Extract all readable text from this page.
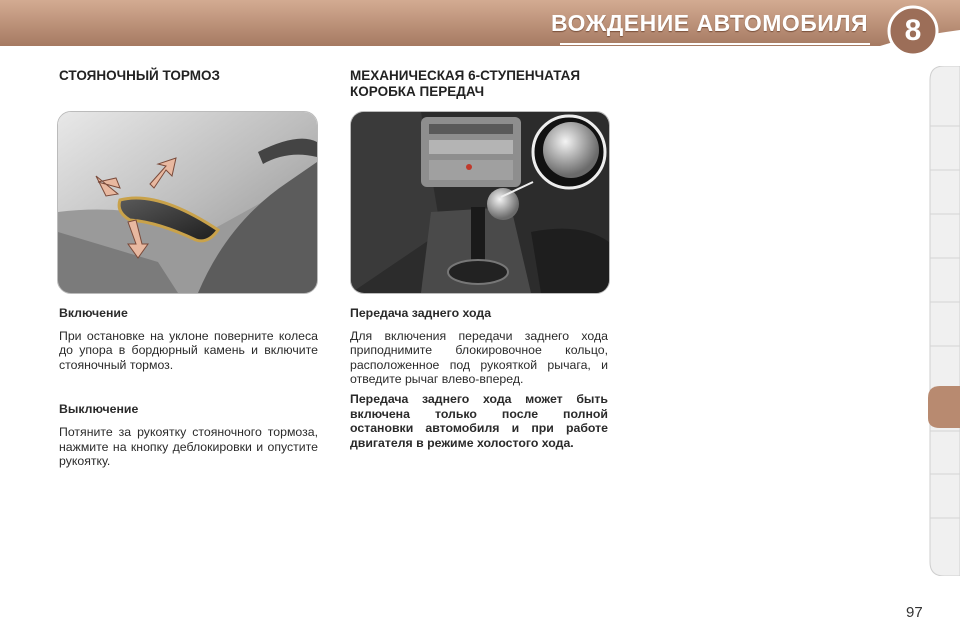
ВОЖДЕНИЕ АВТОМОБИЛЯ	8
СТОЯНОЧНЫЙ ТОРМОЗ

Включение

При остановке на уклоне поверните колеса до упора в бордюрный камень и включите стояночный тормоз.

Выключение

Потяните за рукоятку стояночного тормоза, нажмите на кнопку деблокировки и опустите рукоятку.

МЕХАНИЧЕСКАЯ 6-СТУПЕНЧАТАЯ
КОРОБКА ПЕРЕДАЧ

Передача заднего хода

Для включения передачи заднего хода приподнимите блокировочное кольцо, расположенное под рукояткой рычага, и отведите рычаг влево-вперед.

Передача заднего хода может быть включена только после полной остановки автомобиля и при работе двигателя в режиме холостого хода.

97
